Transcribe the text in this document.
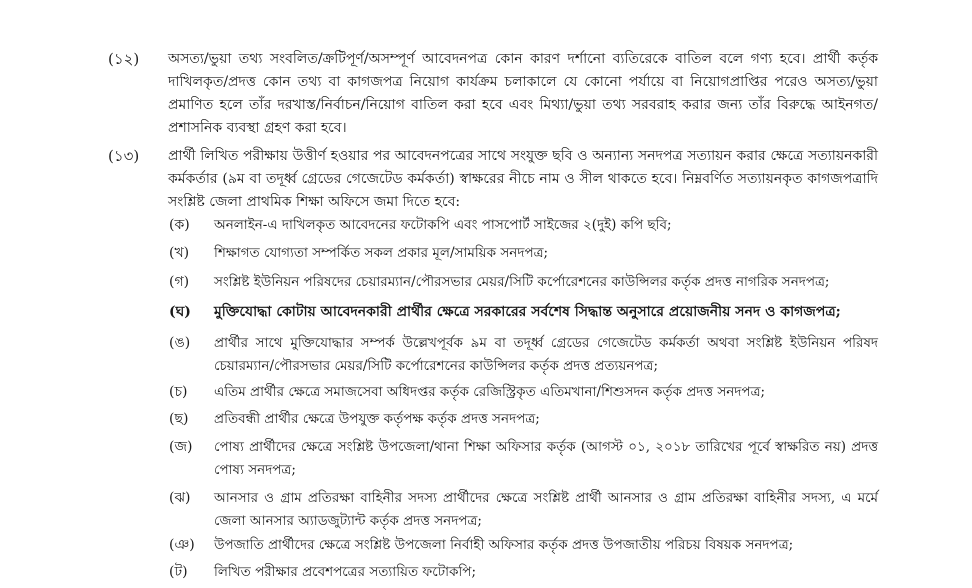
(১২) অসত্য/ভুয়া তথ্য সংবলিত/ক্রটিপূর্ণ/অসম্পূর্ণ আবেদনপত্র কোন কারণ দর্শানো ব্যতিরেকে বাতিল বলে গণ্য হবে। প্রার্থী কর্তৃক দাখিলকৃত/প্রদত্ত কোন তথ্য বা কাগজপত্র নিয়োগ কার্যক্রম চলাকালে যে কোনো পর্যায়ে বা নিয়োগপ্রাপ্তির পরেও অসত্য/ভুয়া প্রমাণিত হলে তাঁর দরখাস্ত/নির্বাচন/নিয়োগ বাতিল করা হবে এবং মিথ্যা/ভুয়া তথ্য সরবরাহ করার জন্য তাঁর বিরুদ্ধে আইনগত/প্রশাসনিক ব্যবস্থা গ্রহণ করা হবে।
(১৩) প্রার্থী লিখিত পরীক্ষায় উত্তীর্ণ হওয়ার পর আবেদনপত্রের সাথে সংযুক্ত ছবি ও অন্যান্য সনদপত্র সত্যায়ন করার ক্ষেত্রে সত্যায়নকারী কর্মকর্তার (৯ম বা তদূর্ধ্ব গ্রেডের গেজেটেড কর্মকর্তা) স্বাক্ষরের নীচে নাম ও সীল থাকতে হবে। নিম্নবর্ণিত সত্যায়নকৃত কাগজপত্রাদি সংশ্লিষ্ট জেলা প্রাথমিক শিক্ষা অফিসে জমা দিতে হবে:
(ক) অনলাইন-এ দাখিলকৃত আবেদনের ফটোকপি এবং পাসপোর্ট সাইজের ২(দুই) কপি ছবি;
(খ) শিক্ষাগত যোগ্যতা সম্পর্কিত সকল প্রকার মূল/সাময়িক সনদপত্র;
(গ) সংশ্লিষ্ট ইউনিয়ন পরিষদের চেয়ারম্যান/পৌরসভার মেয়র/সিটি কর্পোরেশনের কাউন্সিলর কর্তৃক প্রদত্ত নাগরিক সনদপত্র;
(ঘ) মুক্তিযোদ্ধা কোটায় আবেদনকারী প্রার্থীর ক্ষেত্রে সরকারের সর্বশেষ সিদ্ধান্ত অনুসারে প্রয়োজনীয় সনদ ও কাগজপত্র;
(ঙ) প্রার্থীর সাথে মুক্তিযোদ্ধার সম্পর্ক উল্লেখপূর্বক ৯ম বা তদূর্ধ্ব গ্রেডের গেজেটেড কর্মকর্তা অথবা সংশ্লিষ্ট ইউনিয়ন পরিষদ চেয়ারম্যান/পৌরসভার মেয়র/সিটি কর্পোরেশনের কাউন্সিলর কর্তৃক প্রদত্ত প্রত্যয়নপত্র;
(চ) এতিম প্রার্থীর ক্ষেত্রে সমাজসেবা অধিদপ্তর কর্তৃক রেজিস্ট্রিকৃত এতিমখানা/শিশুসদন কর্তৃক প্রদত্ত সনদপত্র;
(ছ) প্রতিবন্ধী প্রার্থীর ক্ষেত্রে উপযুক্ত কর্তৃপক্ষ কর্তৃক প্রদত্ত সনদপত্র;
(জ) পোষ্য প্রার্থীদের ক্ষেত্রে সংশ্লিষ্ট উপজেলা/থানা শিক্ষা অফিসার কর্তৃক (আগস্ট ০১, ২০১৮ তারিখের পূর্বে স্বাক্ষরিত নয়) প্রদত্ত পোষ্য সনদপত্র;
(ঝ) আনসার ও গ্রাম প্রতিরক্ষা বাহিনীর সদস্য প্রার্থীদের ক্ষেত্রে সংশ্লিষ্ট প্রার্থী আনসার ও গ্রাম প্রতিরক্ষা বাহিনীর সদস্য, এ মর্মে জেলা আনসার অ্যাডজুট্যান্ট কর্তৃক প্রদত্ত সনদপত্র;
(ঞ) উপজাতি প্রার্থীদের ক্ষেত্রে সংশ্লিষ্ট উপজেলা নির্বাহী অফিসার কর্তৃক প্রদত্ত উপজাতীয় পরিচয় বিষয়ক সনদপত্র;
(ট) লিখিত পরীক্ষার প্রবেশপত্রের সত্যায়িত ফটোকপি;
